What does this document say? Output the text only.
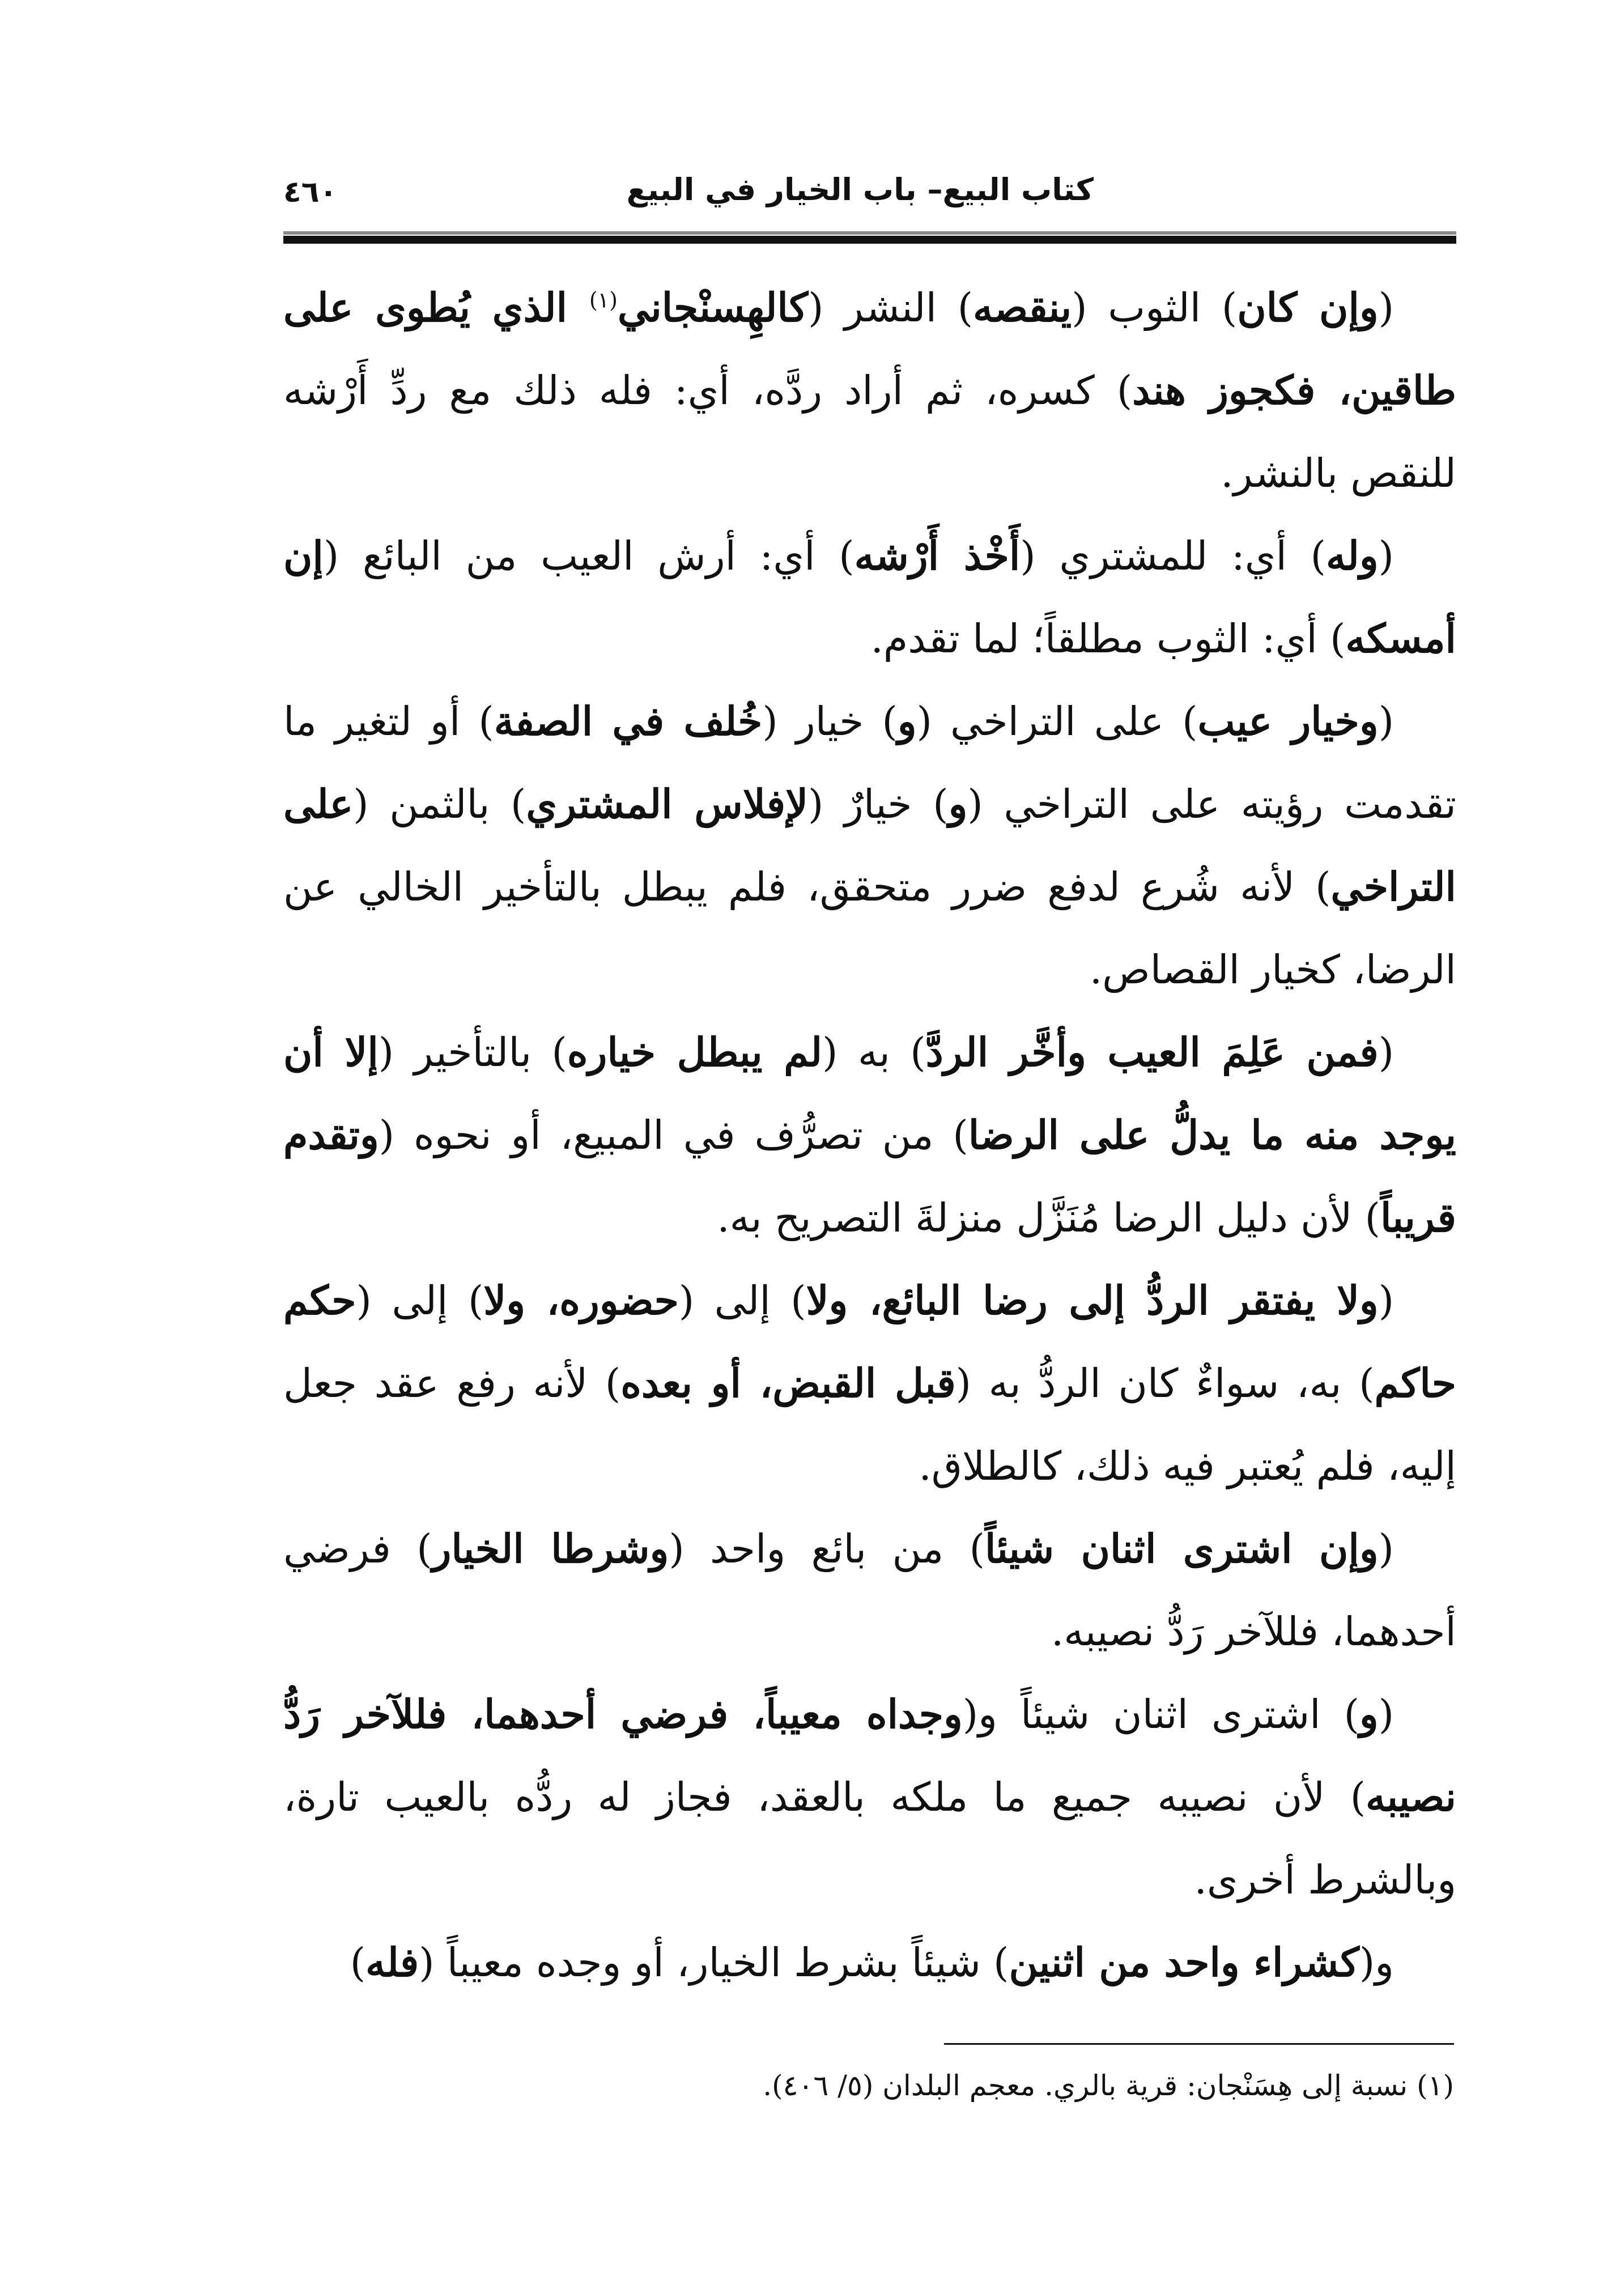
كتاب البيع– باب الخيار في البيع
٤٦٠

(وإن كان) الثوب (ينقصه) النشر (كالهِسنْجاني$^{(١)}$ الذي يُطوى على طاقين، فكجوز هند) كسره، ثم أراد ردَّه، أي: فله ذلك مع ردِّ أَرْشه للنقص بالنشر.

(وله) أي: للمشتري (أَخْذ أَرْشه) أي: أرش العيب من البائع (إن أمسكه) أي: الثوب مطلقاً؛ لما تقدم.

(وخيار عيب) على التراخي (و) خيار (خُلف في الصفة) أو لتغير ما تقدمت رؤيته على التراخي (و) خيارٌ (لإفلاس المشتري) بالثمن (على التراخي) لأنه شُرع لدفع ضرر متحقق، فلم يبطل بالتأخير الخالي عن الرضا، كخيار القصاص.

(فمن عَلِمَ العيب وأخَّر الردَّ) به (لم يبطل خياره) بالتأخير (إلا أن يوجد منه ما يدلُّ على الرضا) من تصرُّف في المبيع، أو نحوه (وتقدم قريباً) لأن دليل الرضا مُنَزَّل منزلةَ التصريح به.

(ولا يفتقر الردُّ إلى رضا البائع، ولا) إلى (حضوره، ولا) إلى (حكم حاكم) به، سواءٌ كان الردُّ به (قبل القبض، أو بعده) لأنه رفع عقد جعل إليه، فلم يُعتبر فيه ذلك، كالطلاق.

(وإن اشترى اثنان شيئاً) من بائع واحد (وشرطا الخيار) فرضي أحدهما، فللآخر رَدُّ نصيبه.

(و) اشترى اثنان شيئاً و(وجداه معيباً، فرضي أحدهما، فللآخر رَدُّ نصيبه) لأن نصيبه جميع ما ملكه بالعقد، فجاز له ردُّه بالعيب تارة، وبالشرط أخرى.

و(كشراء واحد من اثنين) شيئاً بشرط الخيار، أو وجده معيباً (فله)

(١) نسبة إلى هِسَنْجان: قرية بالري. معجم البلدان (٥/ ٤٠٦).
